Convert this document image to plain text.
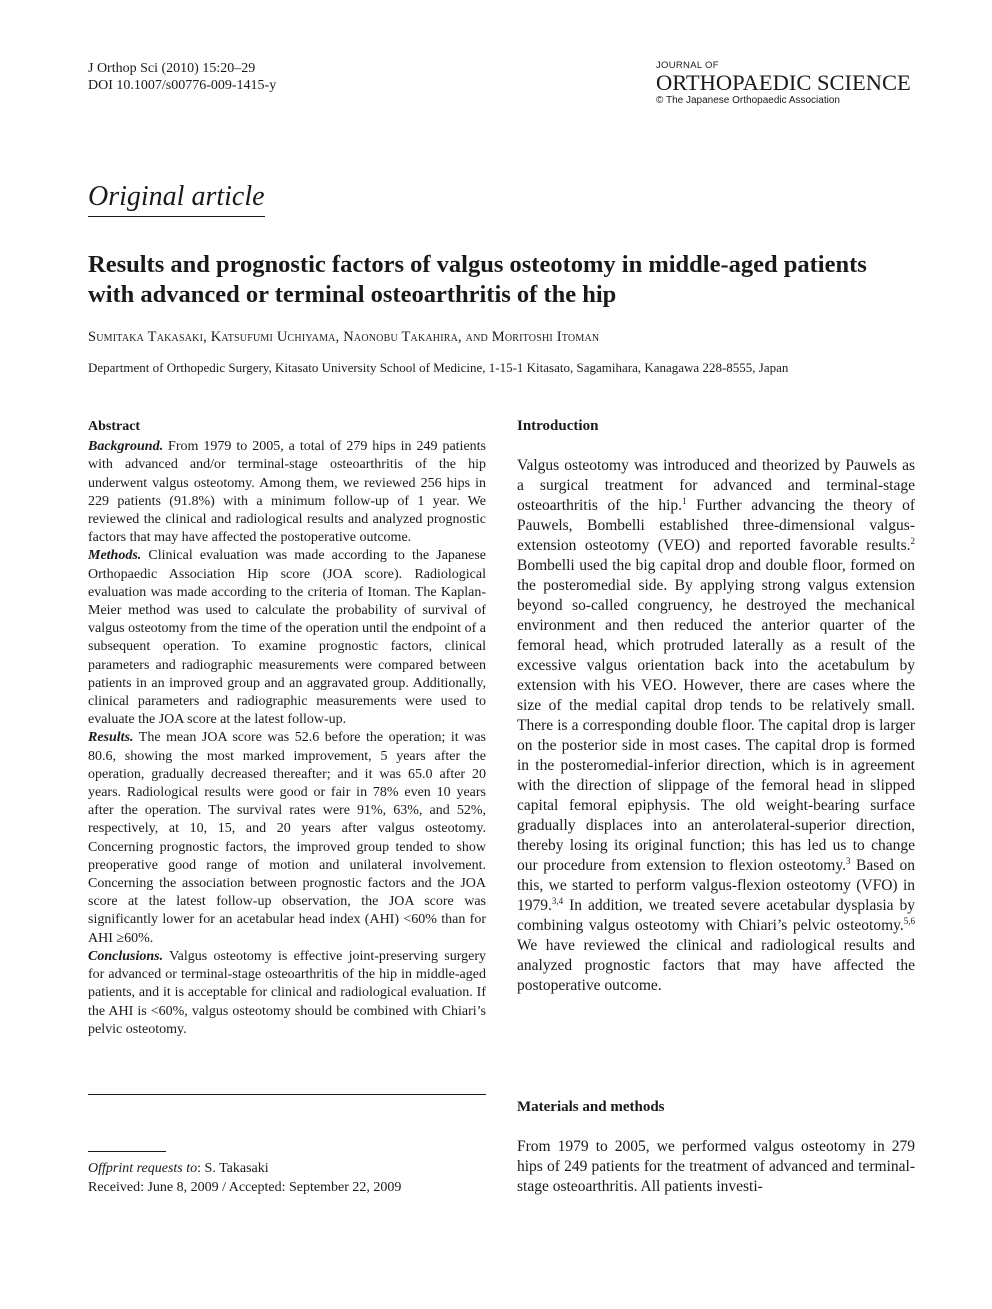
J Orthop Sci (2010) 15:20–29
DOI 10.1007/s00776-009-1415-y
JOURNAL OF
ORTHOPAEDIC SCIENCE
© The Japanese Orthopaedic Association
Original article
Results and prognostic factors of valgus osteotomy in middle-aged patients with advanced or terminal osteoarthritis of the hip
Sumitaka Takasaki, Katsufumi Uchiyama, Naonobu Takahira, and Moritoshi Itoman
Department of Orthopedic Surgery, Kitasato University School of Medicine, 1-15-1 Kitasato, Sagamihara, Kanagawa 228-8555, Japan
Abstract

Background. From 1979 to 2005, a total of 279 hips in 249 patients with advanced and/or terminal-stage osteoarthritis of the hip underwent valgus osteotomy. Among them, we reviewed 256 hips in 229 patients (91.8%) with a minimum follow-up of 1 year. We reviewed the clinical and radiological results and analyzed prognostic factors that may have affected the postoperative outcome.

Methods. Clinical evaluation was made according to the Japanese Orthopaedic Association Hip score (JOA score). Radiological evaluation was made according to the criteria of Itoman. The Kaplan-Meier method was used to calculate the probability of survival of valgus osteotomy from the time of the operation until the endpoint of a subsequent operation. To examine prognostic factors, clinical parameters and radiographic measurements were compared between patients in an improved group and an aggravated group. Additionally, clinical parameters and radiographic measurements were used to evaluate the JOA score at the latest follow-up.

Results. The mean JOA score was 52.6 before the operation; it was 80.6, showing the most marked improvement, 5 years after the operation, gradually decreased thereafter; and it was 65.0 after 20 years. Radiological results were good or fair in 78% even 10 years after the operation. The survival rates were 91%, 63%, and 52%, respectively, at 10, 15, and 20 years after valgus osteotomy. Concerning prognostic factors, the improved group tended to show preoperative good range of motion and unilateral involvement. Concerning the association between prognostic factors and the JOA score at the latest follow-up observation, the JOA score was significantly lower for an acetabular head index (AHI) <60% than for AHI ≥60%.

Conclusions. Valgus osteotomy is effective joint-preserving surgery for advanced or terminal-stage osteoarthritis of the hip in middle-aged patients, and it is acceptable for clinical and radiological evaluation. If the AHI is <60%, valgus osteotomy should be combined with Chiari’s pelvic osteotomy.

Offprint requests to: S. Takasaki
Received: June 8, 2009 / Accepted: September 22, 2009
Introduction

Valgus osteotomy was introduced and theorized by Pauwels as a surgical treatment for advanced and terminal-stage osteoarthritis of the hip.$^1$ Further advancing the theory of Pauwels, Bombelli established three-dimensional valgus-extension osteotomy (VEO) and reported favorable results.$^2$ Bombelli used the big capital drop and double floor, formed on the posteromedial side. By applying strong valgus extension beyond so-called congruency, he destroyed the mechanical environment and then reduced the anterior quarter of the femoral head, which protruded laterally as a result of the excessive valgus orientation back into the acetabulum by extension with his VEO. However, there are cases where the size of the medial capital drop tends to be relatively small. There is a corresponding double floor. The capital drop is larger on the posterior side in most cases. The capital drop is formed in the posteromedial-inferior direction, which is in agreement with the direction of slippage of the femoral head in slipped capital femoral epiphysis. The old weight-bearing surface gradually displaces into an anterolateral-superior direction, thereby losing its original function; this has led us to change our procedure from extension to flexion osteotomy.$^3$ Based on this, we started to perform valgus-flexion osteotomy (VFO) in 1979.$^{3,4}$ In addition, we treated severe acetabular dysplasia by combining valgus osteotomy with Chiari’s pelvic osteotomy.$^{5,6}$ We have reviewed the clinical and radiological results and analyzed prognostic factors that may have affected the postoperative outcome.

Materials and methods

From 1979 to 2005, we performed valgus osteotomy in 279 hips of 249 patients for the treatment of advanced and terminal-stage osteoarthritis. All patients investi-
